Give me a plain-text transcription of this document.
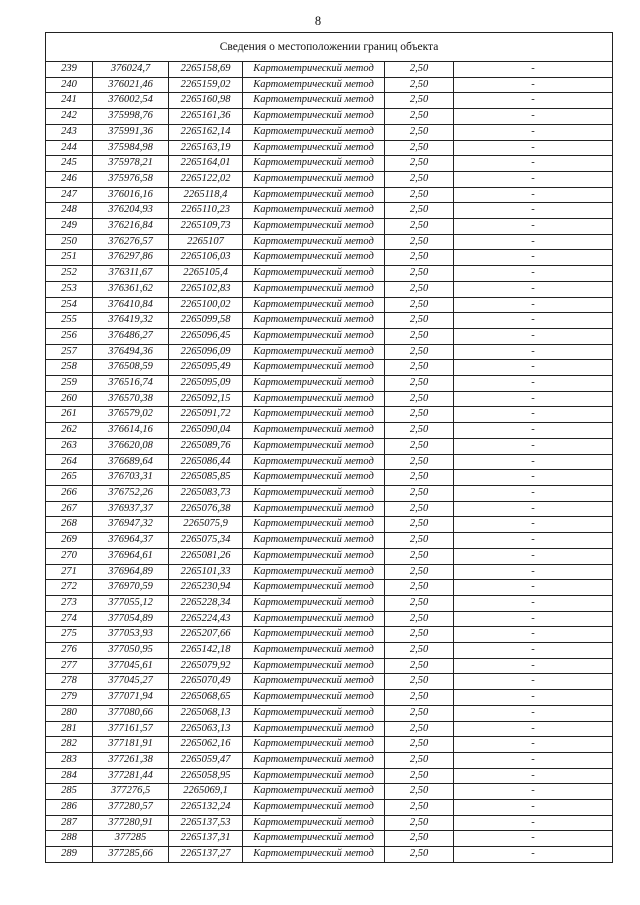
8
Сведения о местоположении границ объекта					
239	376024,7	2265158,69	Картометрический метод	2,50	-
240	376021,46	2265159,02	Картометрический метод	2,50	-
241	376002,54	2265160,98	Картометрический метод	2,50	-
242	375998,76	2265161,36	Картометрический метод	2,50	-
243	375991,36	2265162,14	Картометрический метод	2,50	-
244	375984,98	2265163,19	Картометрический метод	2,50	-
245	375978,21	2265164,01	Картометрический метод	2,50	-
246	375976,58	2265122,02	Картометрический метод	2,50	-
247	376016,16	2265118,4	Картометрический метод	2,50	-
248	376204,93	2265110,23	Картометрический метод	2,50	-
249	376216,84	2265109,73	Картометрический метод	2,50	-
250	376276,57	2265107	Картометрический метод	2,50	-
251	376297,86	2265106,03	Картометрический метод	2,50	-
252	376311,67	2265105,4	Картометрический метод	2,50	-
253	376361,62	2265102,83	Картометрический метод	2,50	-
254	376410,84	2265100,02	Картометрический метод	2,50	-
255	376419,32	2265099,58	Картометрический метод	2,50	-
256	376486,27	2265096,45	Картометрический метод	2,50	-
257	376494,36	2265096,09	Картометрический метод	2,50	-
258	376508,59	2265095,49	Картометрический метод	2,50	-
259	376516,74	2265095,09	Картометрический метод	2,50	-
260	376570,38	2265092,15	Картометрический метод	2,50	-
261	376579,02	2265091,72	Картометрический метод	2,50	-
262	376614,16	2265090,04	Картометрический метод	2,50	-
263	376620,08	2265089,76	Картометрический метод	2,50	-
264	376689,64	2265086,44	Картометрический метод	2,50	-
265	376703,31	2265085,85	Картометрический метод	2,50	-
266	376752,26	2265083,73	Картометрический метод	2,50	-
267	376937,37	2265076,38	Картометрический метод	2,50	-
268	376947,32	2265075,9	Картометрический метод	2,50	-
269	376964,37	2265075,34	Картометрический метод	2,50	-
270	376964,61	2265081,26	Картометрический метод	2,50	-
271	376964,89	2265101,33	Картометрический метод	2,50	-
272	376970,59	2265230,94	Картометрический метод	2,50	-
273	377055,12	2265228,34	Картометрический метод	2,50	-
274	377054,89	2265224,43	Картометрический метод	2,50	-
275	377053,93	2265207,66	Картометрический метод	2,50	-
276	377050,95	2265142,18	Картометрический метод	2,50	-
277	377045,61	2265079,92	Картометрический метод	2,50	-
278	377045,27	2265070,49	Картометрический метод	2,50	-
279	377071,94	2265068,65	Картометрический метод	2,50	-
280	377080,66	2265068,13	Картометрический метод	2,50	-
281	377161,57	2265063,13	Картометрический метод	2,50	-
282	377181,91	2265062,16	Картометрический метод	2,50	-
283	377261,38	2265059,47	Картометрический метод	2,50	-
284	377281,44	2265058,95	Картометрический метод	2,50	-
285	377276,5	2265069,1	Картометрический метод	2,50	-
286	377280,57	2265132,24	Картометрический метод	2,50	-
287	377280,91	2265137,53	Картометрический метод	2,50	-
288	377285	2265137,31	Картометрический метод	2,50	-
289	377285,66	2265137,27	Картометрический метод	2,50	-
